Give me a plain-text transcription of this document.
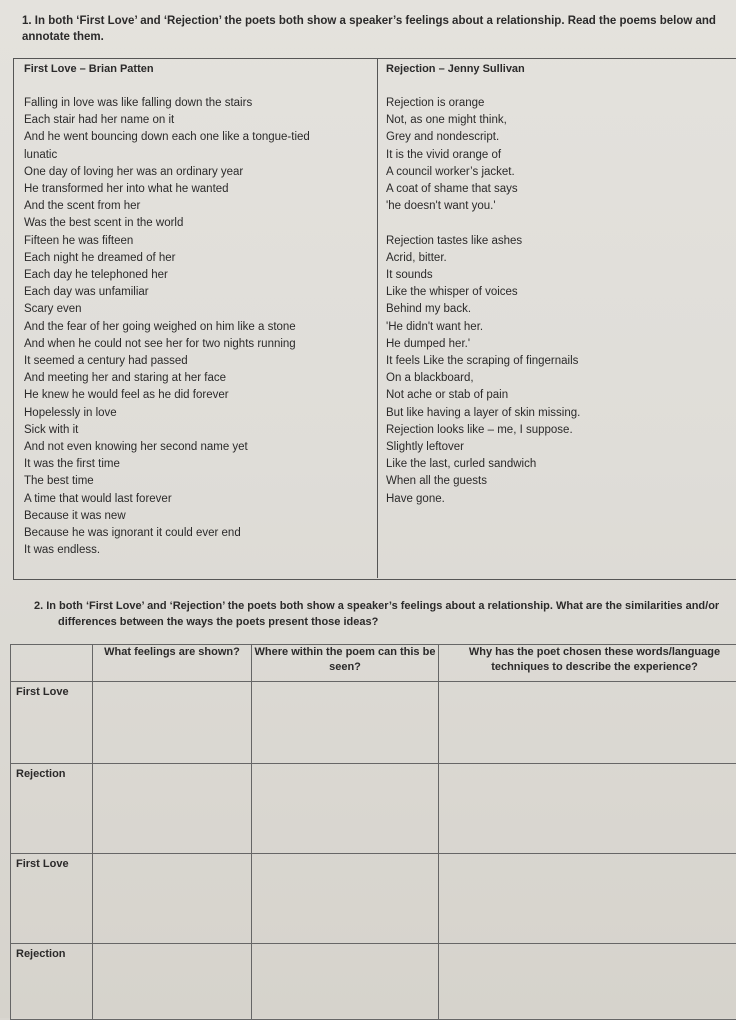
1. In both ‘First Love’ and ‘Rejection’ the poets both show a speaker’s feelings about a relationship. Read the poems below and annotate them.
First Love – Brian Patten	Rejection – Jenny Sullivan
Falling in love was like falling down the stairs
Each stair had her name on it
And he went bouncing down each one like a tongue-tied
lunatic
One day of loving her was an ordinary year
He transformed her into what he wanted
And the scent from her
Was the best scent in the world
Fifteen he was fifteen
Each night he dreamed of her
Each day he telephoned her
Each day was unfamiliar
Scary even
And the fear of her going weighed on him like a stone
And when he could not see her for two nights running
It seemed a century had passed
And meeting her and staring at her face
He knew he would feel as he did forever
Hopelessly in love
Sick with it
And not even knowing her second name yet
It was the first time
The best time
A time that would last forever
Because it was new
Because he was ignorant it could ever end
It was endless.
Rejection is orange
Not, as one might think,
Grey and nondescript.
It is the vivid orange of
A council worker’s jacket.
A coat of shame that says
'he doesn't want you.'
Rejection tastes like ashes
Acrid, bitter.
It sounds
Like the whisper of voices
Behind my back.
'He didn't want her.
He dumped her.'
It feels Like the scraping of fingernails
On a blackboard,
Not ache or stab of pain
But like having a layer of skin missing.
Rejection looks like – me, I suppose.
Slightly leftover
Like the last, curled sandwich
When all the guests
Have gone.
2. In both ‘First Love’ and ‘Rejection’ the poets both show a speaker’s feelings about a relationship. What are the similarities and/or differences between the ways the poets present those ideas?
	What feelings are shown?	Where within the poem can this be seen?	Why has the poet chosen these words/language techniques to describe the experience?
First Love			
Rejection			
First Love			
Rejection			
